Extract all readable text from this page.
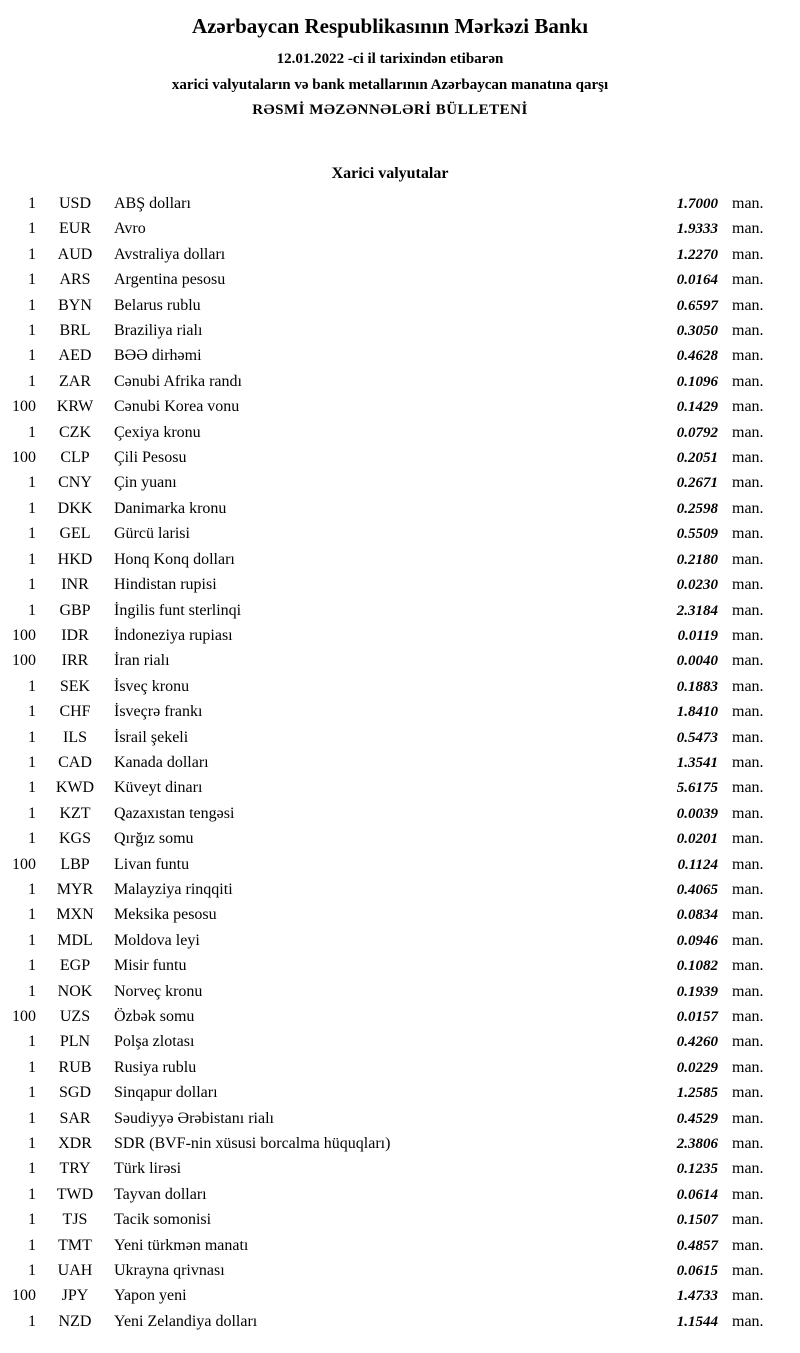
Azərbaycan Respublikasının Mərkəzi Bankı
12.01.2022 -ci il tarixindən etibarən
xarici valyutaların və bank metallarının Azərbaycan manatına qarşı
RƏSMİ MƏZƏNNƏLƏRİ BÜLLETENİ
Xarici valyutalar
1	USD	ABŞ dolları	1.7000 man.
1	EUR	Avro	1.9333 man.
1	AUD	Avstraliya dolları	1.2270 man.
1	ARS	Argentina pesosu	0.0164 man.
1	BYN	Belarus rublu	0.6597 man.
1	BRL	Braziliya rialı	0.3050 man.
1	AED	BƏƏ dirhəmi	0.4628 man.
1	ZAR	Cənubi Afrika randı	0.1096 man.
100	KRW	Cənubi Korea vonu	0.1429 man.
1	CZK	Çexiya kronu	0.0792 man.
100	CLP	Çili Pesosu	0.2051 man.
1	CNY	Çin yuanı	0.2671 man.
1	DKK	Danimarka kronu	0.2598 man.
1	GEL	Gürcü larisi	0.5509 man.
1	HKD	Honq Konq dolları	0.2180 man.
1	INR	Hindistan rupisi	0.0230 man.
1	GBP	İngilis funt sterlinqi	2.3184 man.
100	IDR	İndoneziya rupiası	0.0119 man.
100	IRR	İran rialı	0.0040 man.
1	SEK	İsveç kronu	0.1883 man.
1	CHF	İsveçrə frankı	1.8410 man.
1	ILS	İsrail şekeli	0.5473 man.
1	CAD	Kanada dolları	1.3541 man.
1	KWD	Küveyt dinarı	5.6175 man.
1	KZT	Qazaxıstan tengəsi	0.0039 man.
1	KGS	Qırğız somu	0.0201 man.
100	LBP	Livan funtu	0.1124 man.
1	MYR	Malayziya rinqqiti	0.4065 man.
1	MXN	Meksika pesosu	0.0834 man.
1	MDL	Moldova leyi	0.0946 man.
1	EGP	Misir funtu	0.1082 man.
1	NOK	Norveç kronu	0.1939 man.
100	UZS	Özbək somu	0.0157 man.
1	PLN	Polşa zlotası	0.4260 man.
1	RUB	Rusiya rublu	0.0229 man.
1	SGD	Sinqapur dolları	1.2585 man.
1	SAR	Səudiyyə Ərəbistanı rialı	0.4529 man.
1	XDR	SDR (BVF-nin xüsusi borcalma hüquqları)	2.3806 man.
1	TRY	Türk lirəsi	0.1235 man.
1	TWD	Tayvan dolları	0.0614 man.
1	TJS	Tacik somonisi	0.1507 man.
1	TMT	Yeni türkmən manatı	0.4857 man.
1	UAH	Ukrayna qrivnası	0.0615 man.
100	JPY	Yapon yeni	1.4733 man.
1	NZD	Yeni Zelandiya dolları	1.1544 man.
